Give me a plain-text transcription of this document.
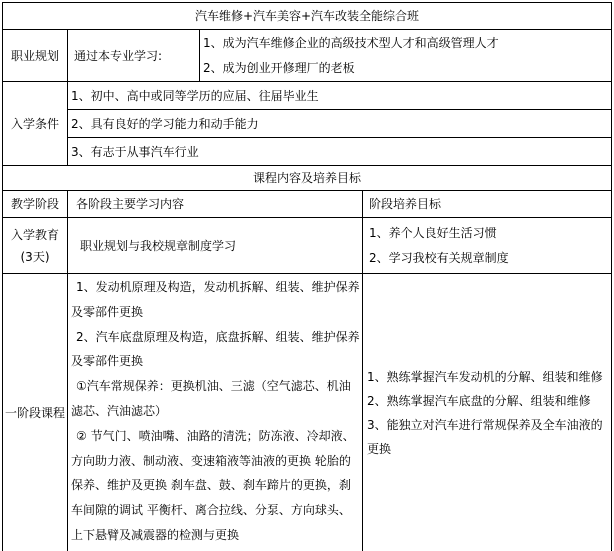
汽车维修+汽车美容+汽车改装全能综合班
职业规划 通过本专业学习:
1、成为汽车维修企业的高级技术型人才和高级管理人才
2、成为创业开修理厂的老板
入学条件
1、初中、高中或同等学历的应届、往届毕业生
2、具有良好的学习能力和动手能力
3、有志于从事汽车行业
课程内容及培养目标
教学阶段 各阶段主要学习内容	阶段培养目标
入学教育
(3天)
职业规划与我校规章制度学习
1、养个人良好生活习惯
2、学习我校有关规章制度
一阶段课程
1、发动机原理及构造，发动机拆解、组装、维护保养
及零部件更换
2、汽车底盘原理及构造，底盘拆解、组装、维护保养
及零部件更换
①汽车常规保养：更换机油、三滤（空气滤芯、机油
滤芯、汽油滤芯）
② 节气门、喷油嘴、油路的清洗；防冻液、冷却液、
方向助力液、制动液、变速箱液等油液的更换 轮胎的
保养、维护及更换 刹车盘、鼓、刹车蹄片的更换，刹
车间隙的调试 平衡杆、离合拉线、分泵、方向球头、
上下悬臂及减震器的检测与更换
1、熟练掌握汽车发动机的分解、组装和维修
2、熟练掌握汽车底盘的分解、组装和维修
3、能独立对汽车进行常规保养及全车油液的
更换
